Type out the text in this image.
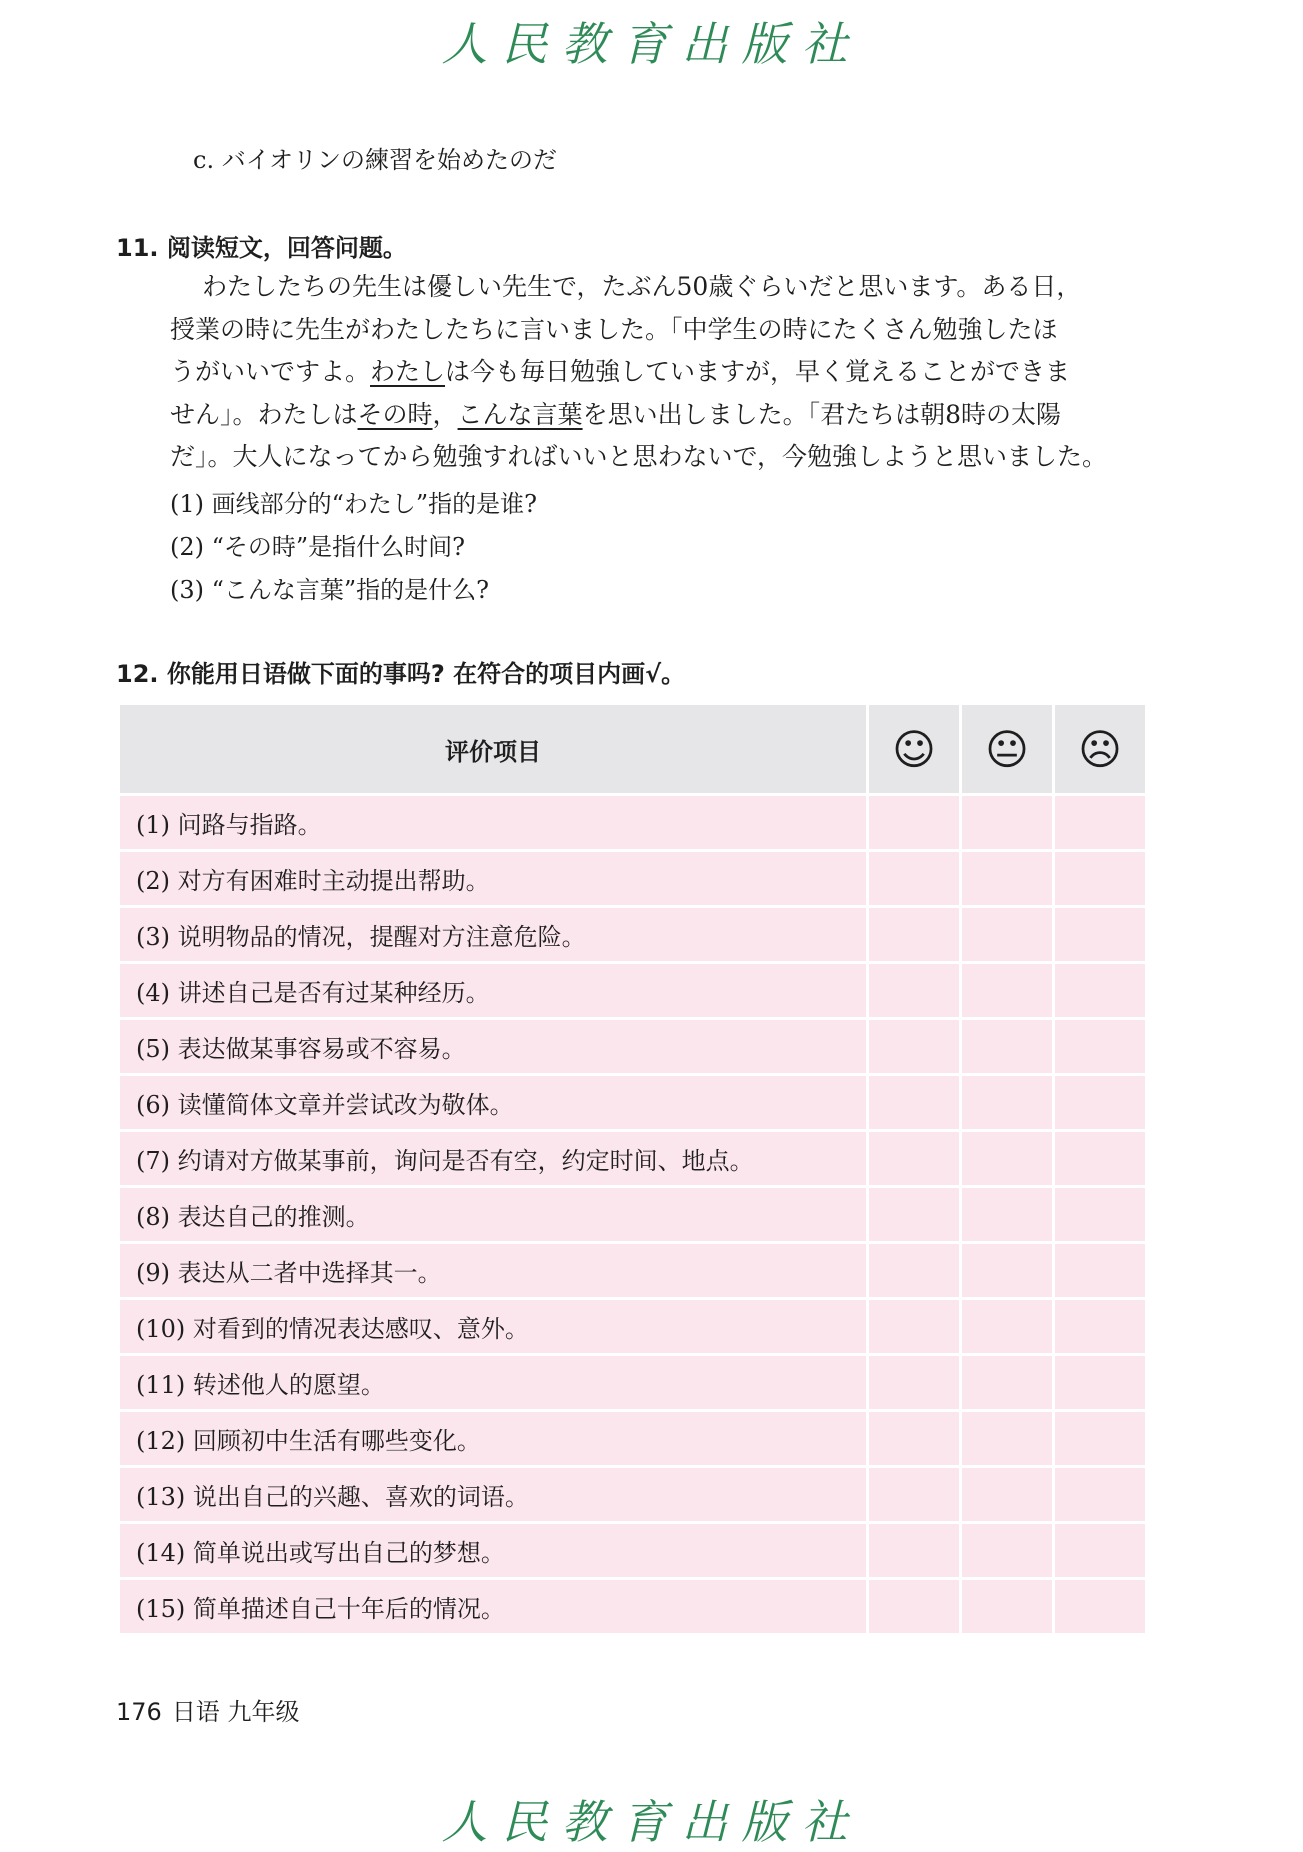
人民教育出版社
c. バイオリンの練習を始めたのだ
11. 阅读短文，回答问题。
わたしたちの先生は優しい先生で，たぶん50歳ぐらいだと思います。ある日，
授業の時に先生がわたしたちに言いました。「中学生の時にたくさん勉強したほ
うがいいですよ。わたしは今も毎日勉強していますが，早く覚えることができま
せん」。わたしはその時，こんな言葉を思い出しました。「君たちは朝8時の太陽
だ」。大人になってから勉強すればいいと思わないで，今勉強しようと思いました。
(1) 画线部分的“わたし”指的是谁?
(2) “その時”是指什么时间?
(3) “こんな言葉”指的是什么?
12. 你能用日语做下面的事吗? 在符合的项目内画√。
评价项目	☺	😐	☹
(1) 问路与指路。			
(2) 对方有困难时主动提出帮助。			
(3) 说明物品的情况，提醒对方注意危险。			
(4) 讲述自己是否有过某种经历。			
(5) 表达做某事容易或不容易。			
(6) 读懂简体文章并尝试改为敬体。			
(7) 约请对方做某事前，询问是否有空，约定时间、地点。			
(8) 表达自己的推测。			
(9) 表达从二者中选择其一。			
(10) 对看到的情况表达感叹、意外。			
(11) 转述他人的愿望。			
(12) 回顾初中生活有哪些变化。			
(13) 说出自己的兴趣、喜欢的词语。			
(14) 简单说出或写出自己的梦想。			
(15) 简单描述自己十年后的情况。			
176 日语 九年级
人民教育出版社
